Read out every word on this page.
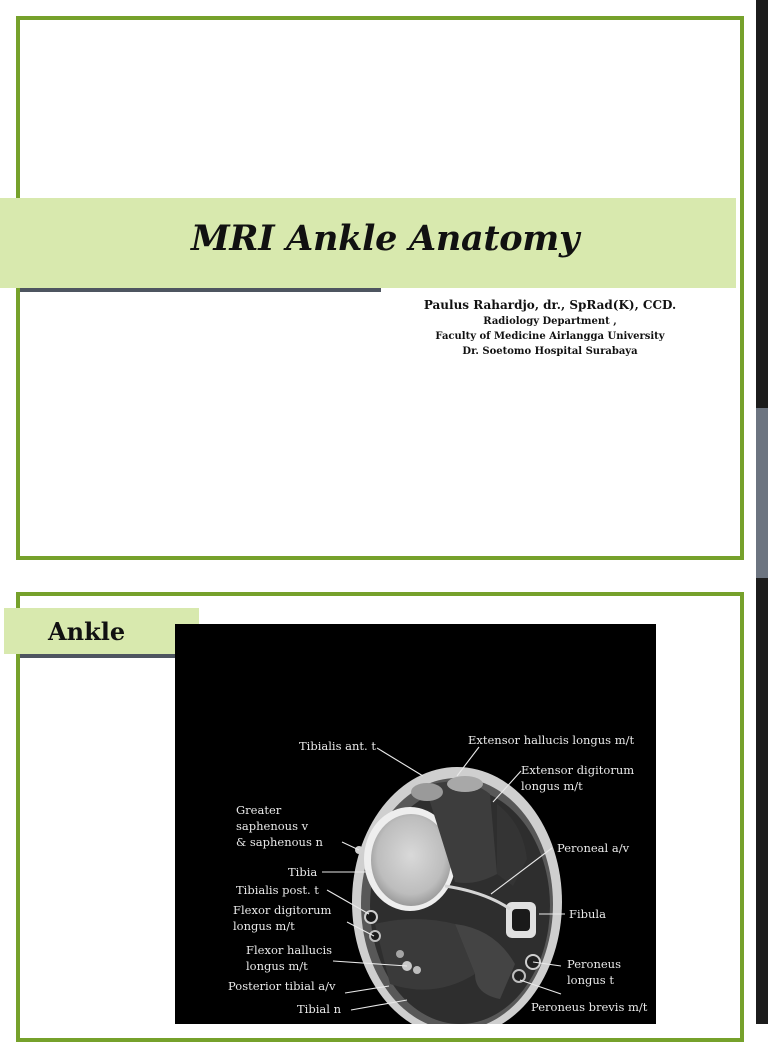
MRI Ankle Anatomy
Paulus Rahardjo, dr., SpRad(K), CCD.
Radiology Department ,
Faculty of Medicine Airlangga University
Dr. Soetomo Hospital Surabaya
Ankle
Tibialis ant. t	Extensor hallucis longus m/t
Extensor digitorum
longus m/t
Greater
saphenous v
& saphenous n	Peroneal a/v
Tibia
Tibialis post. t
Fibula
Flexor digitorum
longus m/t
Flexor hallucis
longus m/t	Peroneus
longus t
Posterior tibial a/v
Peroneus brevis m/t
Tibial n
